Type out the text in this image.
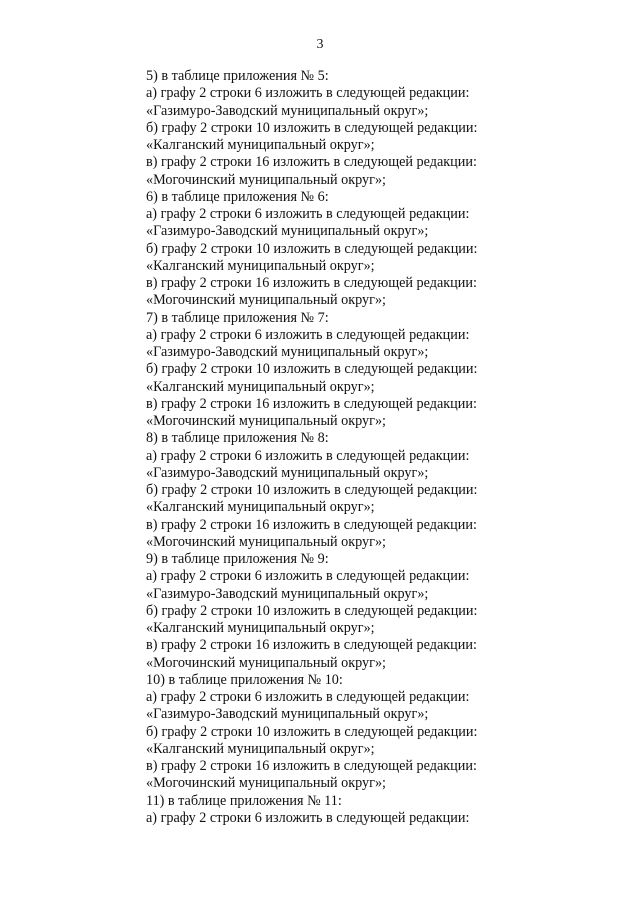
3
5) в таблице приложения № 5:
а) графу 2 строки 6 изложить в следующей редакции:
«Газимуро-Заводский муниципальный округ»;
б) графу 2 строки 10 изложить в следующей редакции:
«Калганский муниципальный округ»;
в) графу 2 строки 16 изложить в следующей редакции:
«Могочинский муниципальный округ»;
6) в таблице приложения № 6:
а) графу 2 строки 6 изложить в следующей редакции:
«Газимуро-Заводский муниципальный округ»;
б) графу 2 строки 10 изложить в следующей редакции:
«Калганский муниципальный округ»;
в) графу 2 строки 16 изложить в следующей редакции:
«Могочинский муниципальный округ»;
7) в таблице приложения № 7:
а) графу 2 строки 6 изложить в следующей редакции:
«Газимуро-Заводский муниципальный округ»;
б) графу 2 строки 10 изложить в следующей редакции:
«Калганский муниципальный округ»;
в) графу 2 строки 16 изложить в следующей редакции:
«Могочинский муниципальный округ»;
8) в таблице приложения № 8:
а) графу 2 строки 6 изложить в следующей редакции:
«Газимуро-Заводский муниципальный округ»;
б) графу 2 строки 10 изложить в следующей редакции:
«Калганский муниципальный округ»;
в) графу 2 строки 16 изложить в следующей редакции:
«Могочинский муниципальный округ»;
9) в таблице приложения № 9:
а) графу 2 строки 6 изложить в следующей редакции:
«Газимуро-Заводский муниципальный округ»;
б) графу 2 строки 10 изложить в следующей редакции:
«Калганский муниципальный округ»;
в) графу 2 строки 16 изложить в следующей редакции:
«Могочинский муниципальный округ»;
10) в таблице приложения № 10:
а) графу 2 строки 6 изложить в следующей редакции:
«Газимуро-Заводский муниципальный округ»;
б) графу 2 строки 10 изложить в следующей редакции:
«Калганский муниципальный округ»;
в) графу 2 строки 16 изложить в следующей редакции:
«Могочинский муниципальный округ»;
11) в таблице приложения № 11:
а) графу 2 строки 6 изложить в следующей редакции:
